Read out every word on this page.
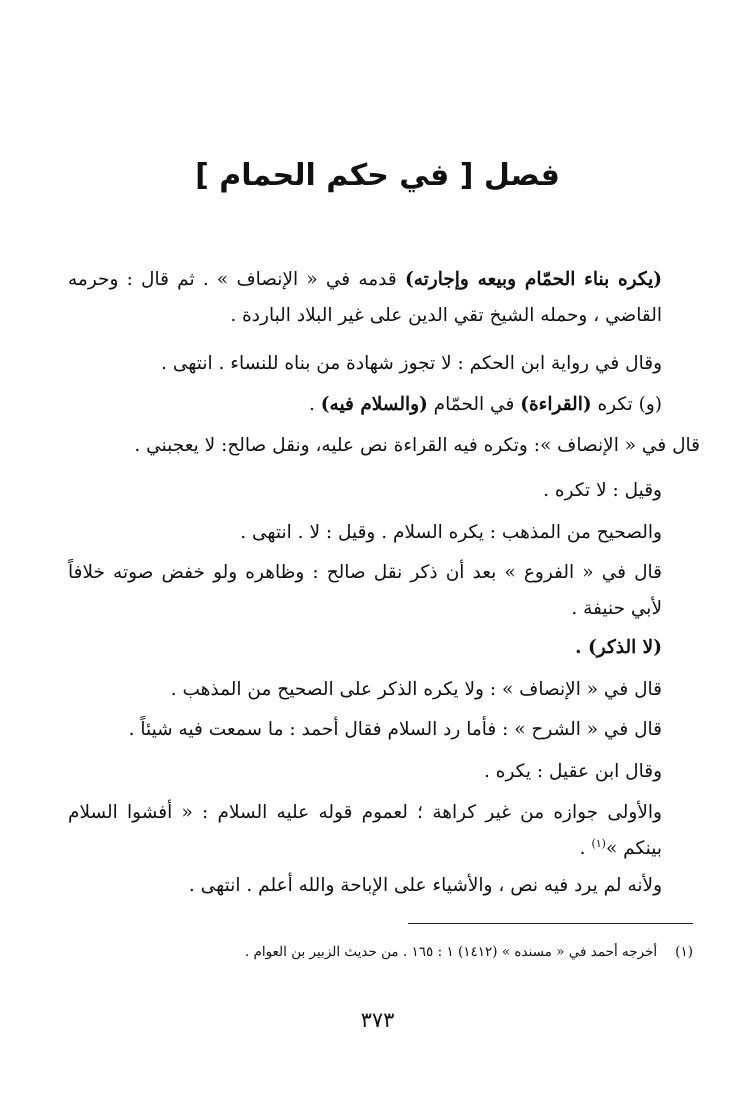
فصل [ في حكم الحمام ]
(يكره بناء الحمّام وبيعه وإجارته) قدمه في « الإنصاف » . ثم قال : وحرمه القاضي ، وحمله الشيخ تقي الدين على غير البلاد الباردة .
وقال في رواية ابن الحكم : لا تجوز شهادة من بناه للنساء . انتهى .
(و) تكره (القراءة) في الحمّام (والسلام فيه) .
قال في « الإنصاف »: وتكره فيه القراءة نص عليه، ونقل صالح: لا يعجبني .
وقيل : لا تكره .
والصحيح من المذهب : يكره السلام . وقيل : لا . انتهى .
قال في « الفروع » بعد أن ذكر نقل صالح : وظاهره ولو خفض صوته خلافاً لأبي حنيفة .
(لا الذكر) .
قال في « الإنصاف » : ولا يكره الذكر على الصحيح من المذهب .
قال في « الشرح » : فأما رد السلام فقال أحمد : ما سمعت فيه شيئاً .
وقال ابن عقيل : يكره .
والأولى جوازه من غير كراهة ؛ لعموم قوله عليه السلام : « أفشوا السلام بينكم »$^{(١)}$ .
ولأنه لم يرد فيه نص ، والأشياء على الإباحة والله أعلم . انتهى .
(١)أخرجه أحمد في « مسنده » (١٤١٢) ١ : ١٦٥ . من حديث الزبير بن العوام .
٣٧٣
